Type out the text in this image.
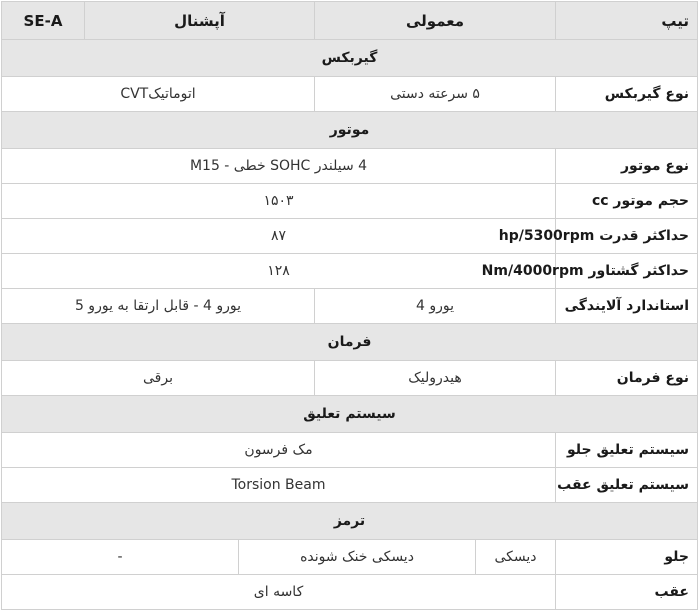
تیپ	معمولی		آپشنال		SE-A	
گیربکس						
نوع گیربکس	۵ سرعته دستی		اتوماتیکCVT			
موتور						
نوع موتور	4 سیلندر SOHC خطی - M15					
حجم موتور cc	۱۵۰۳					
حداکثر قدرت hp/5300rpm	۸۷					
حداکثر گشتاور Nm/4000rpm	۱۲۸					
استاندارد آلایندگی	یورو 4		یورو 4 - قابل ارتقا به یورو 5			
فرمان						
نوع فرمان	هیدرولیک		برقی			
سیستم تعلیق						
سیستم تعلیق جلو	مک فرسون					
سیستم تعلیق عقب	Torsion Beam					
ترمز						
جلو	دیسکی	دیسکی خنک شونده		-		
عقب	کاسه ای					
